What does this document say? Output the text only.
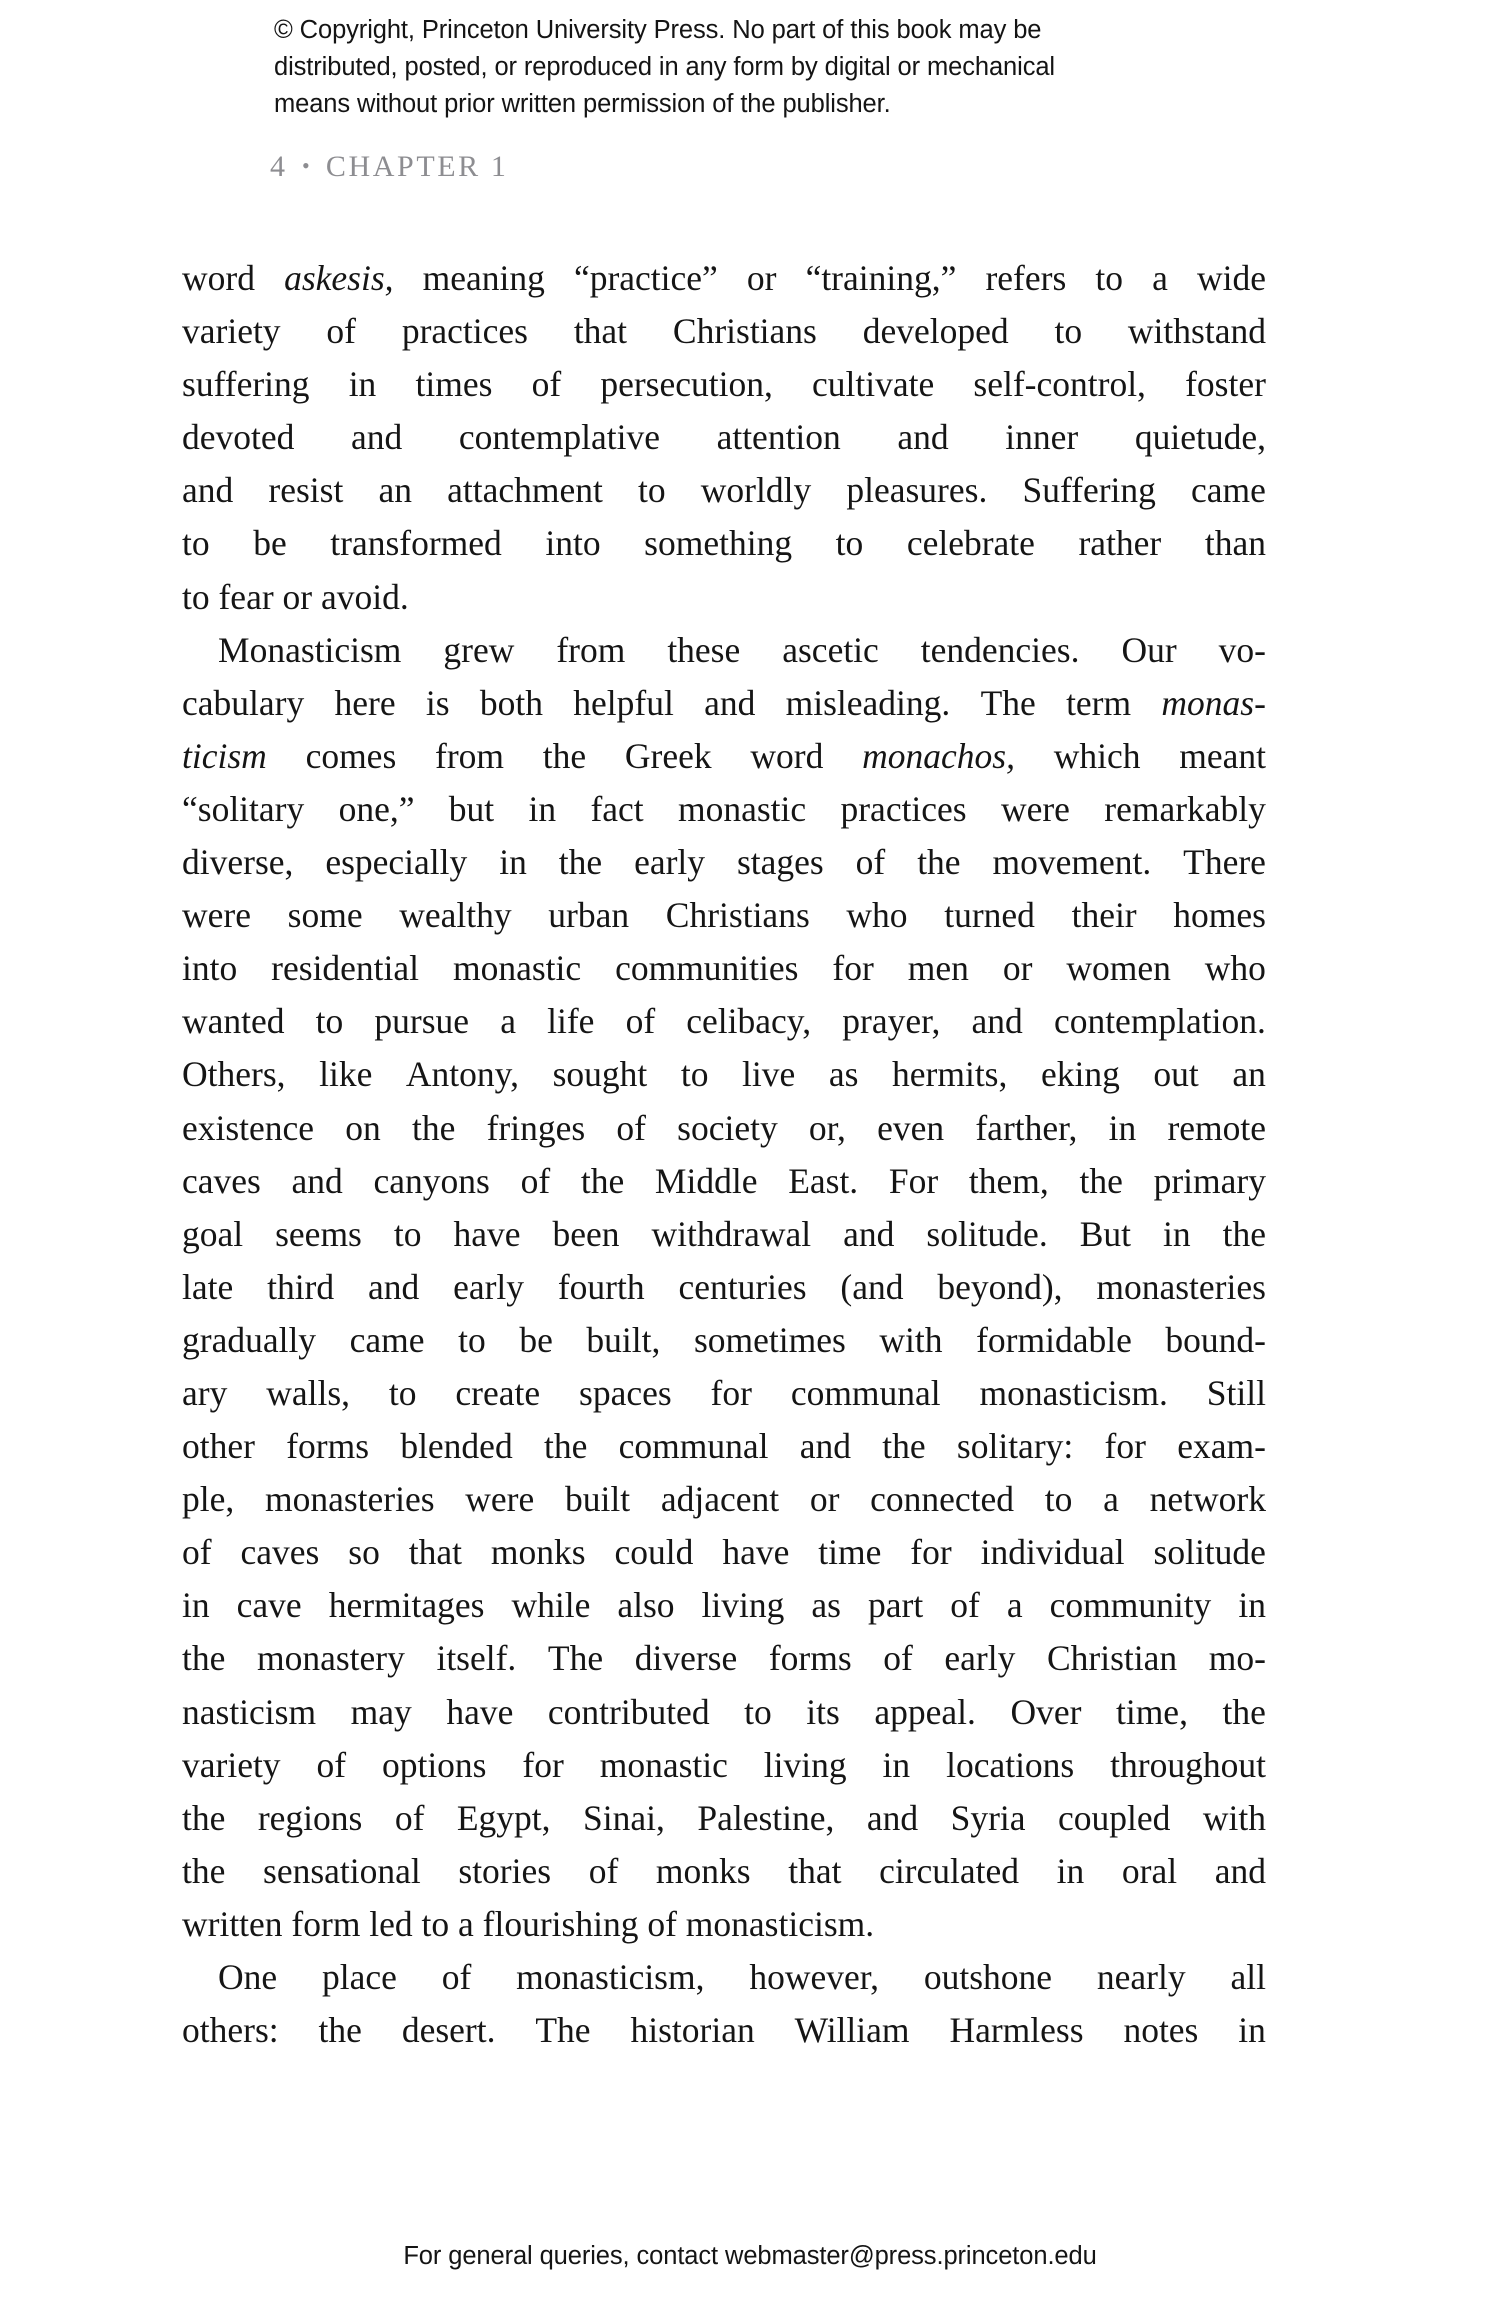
© Copyright, Princeton University Press. No part of this book may be
distributed, posted, or reproduced in any form by digital or mechanical
means without prior written permission of the publisher.
4 • CHAPTER 1
word askesis, meaning “practice” or “training,” refers to a wide
variety of practices that Christians developed to withstand
suffering in times of persecution, cultivate self-control, foster
devoted and contemplative attention and inner quietude,
and resist an attachment to worldly pleasures. Suffering came
to be transformed into something to celebrate rather than
to fear or avoid.
Monasticism grew from these ascetic tendencies. Our vo-
cabulary here is both helpful and misleading. The term monas-
ticism comes from the Greek word monachos, which meant
“solitary one,” but in fact monastic practices were remarkably
diverse, especially in the early stages of the movement. There
were some wealthy urban Christians who turned their homes
into residential monastic communities for men or women who
wanted to pursue a life of celibacy, prayer, and contemplation.
Others, like Antony, sought to live as hermits, eking out an
existence on the fringes of society or, even farther, in remote
caves and canyons of the Middle East. For them, the primary
goal seems to have been withdrawal and solitude. But in the
late third and early fourth centuries (and beyond), monasteries
gradually came to be built, sometimes with formidable bound-
ary walls, to create spaces for communal monasticism. Still
other forms blended the communal and the solitary: for exam-
ple, monasteries were built adjacent or connected to a network
of caves so that monks could have time for individual solitude
in cave hermitages while also living as part of a community in
the monastery itself. The diverse forms of early Christian mo-
nasticism may have contributed to its appeal. Over time, the
variety of options for monastic living in locations throughout
the regions of Egypt, Sinai, Palestine, and Syria coupled with
the sensational stories of monks that circulated in oral and
written form led to a flourishing of monasticism.
One place of monasticism, however, outshone nearly all
others: the desert. The historian William Harmless notes in
For general queries, contact webmaster@press.princeton.edu
